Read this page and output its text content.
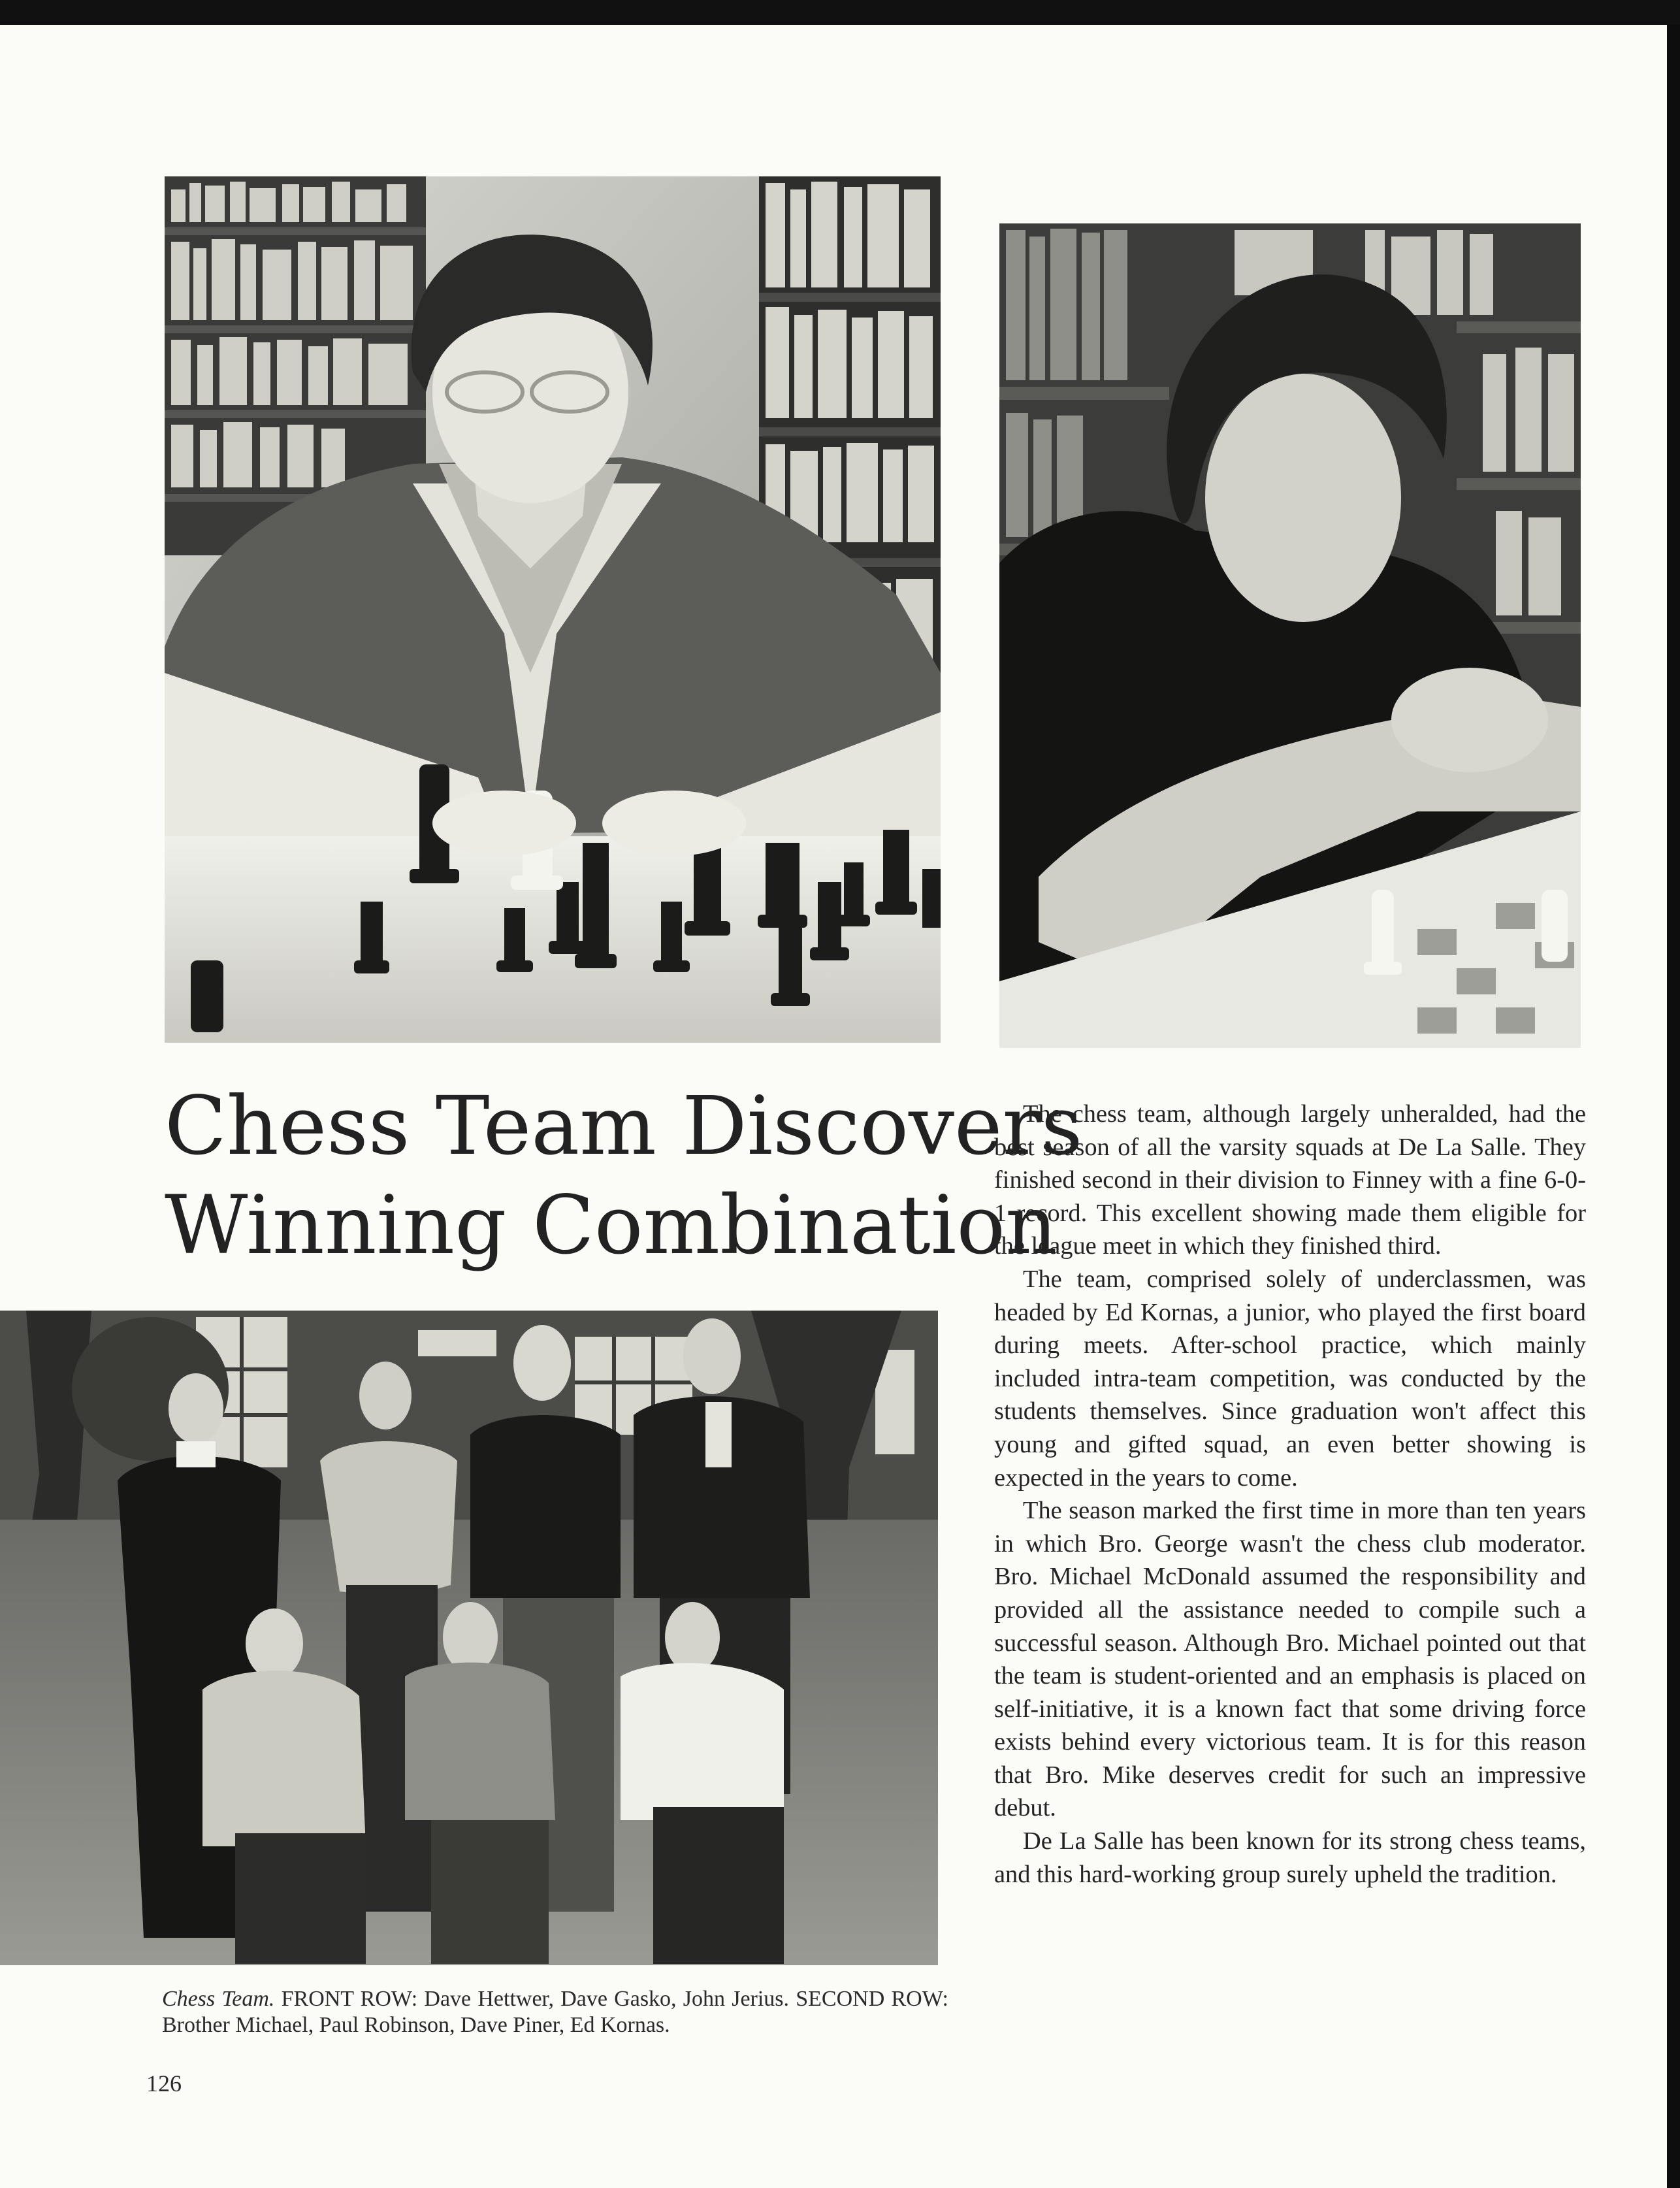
Chess Team Discovers
Winning Combination
Chess Team. FRONT ROW: Dave Hettwer, Dave Gasko, John Jerius. SECOND ROW: Brother Michael, Paul Robinson, Dave Piner, Ed Kornas.

The chess team, although largely unheralded, had the best season of all the varsity squads at De La Salle. They finished second in their division to Finney with a fine 6-0-1 record. This excellent showing made them eligible for the league meet in which they finished third.

The team, comprised solely of underclassmen, was headed by Ed Kornas, a junior, who played the first board during meets. After-school practice, which mainly included intra-team competition, was conducted by the students themselves. Since graduation won't affect this young and gifted squad, an even better showing is expected in the years to come.

The season marked the first time in more than ten years in which Bro. George wasn't the chess club moderator. Bro. Michael McDonald assumed the responsibility and provided all the assistance needed to compile such a successful season. Although Bro. Michael pointed out that the team is student-oriented and an emphasis is placed on self-initiative, it is a known fact that some driving force exists behind every victorious team. It is for this reason that Bro. Mike deserves credit for such an impressive debut.

De La Salle has been known for its strong chess teams, and this hard-working group surely upheld the tradition.

126
